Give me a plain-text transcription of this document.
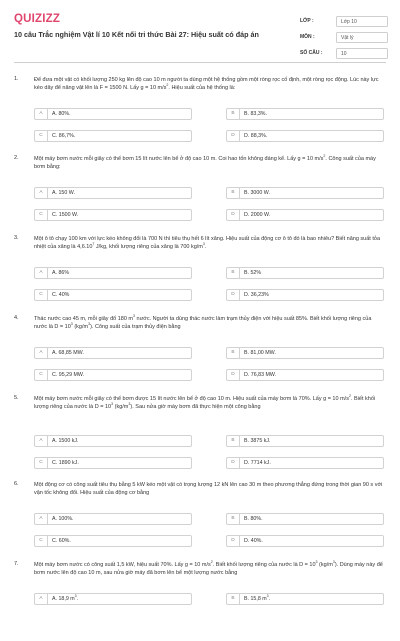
QUIZIZZ
10 câu Trắc nghiệm Vật lí 10 Kết nối tri thức Bài 27: Hiệu suất có đáp án
LỚP :	Lớp 10
MÔN :	Vật lý
SỐ CÂU :	10
1.	Để đưa một vật có khối lượng 250 kg lên độ cao 10 m người ta dùng một hệ thống gồm một ròng rọc cố định, một ròng rọc động. Lúc này lực kéo dây để nâng vật lên là F = 1500 N. Lấy g = 10 $m/s^2$. Hiệu suất của hệ thống là:
A	A. 80%.	B	B. 83,3%.
C	C. 86,7%.	D	D. 88,3%.
2.	Một máy bơm nước mỗi giây có thể bơm 15 lít nước lên bể ở độ cao 10 m. Coi hao tốn không đáng kể. Lấy g = 10 $m/s^2$. Công suất của máy bơm bằng:
A	A. 150 W.	B	B. 3000 W.
C	C. 1500 W.	D	D. 2000 W.
3.	Một ô tô chạy 100 km với lực kéo không đổi là 700 N thì tiêu thụ hết 6 lít xăng. Hiệu suất của động cơ ô tô đó là bao nhiêu? Biết năng suất tỏa nhiệt của xăng là 4,6.10$^7$ J/kg, khối lượng riêng của xăng là 700 $kg/m^3$.
A	A. 86%	B	B. 52%
C	C. 40%	D	D. 36,23%
4.	Thác nước cao 45 m, mỗi giây đổ 180 $m^3$ nước. Người ta dùng thác nước làm trạm thủy điện với hiệu suất 85%. Biết khối lượng riêng của nước là $D = 10^3$ $(kg/m^3)$. Công suất của trạm thủy điện bằng
A	A. 68,85 MW.	B	B. 81,00 MW.
C	C. 95,29 MW.	D	D. 76,83 MW.
5.	Một máy bơm nước mỗi giây có thể bơm được 15 lít nước lên bể ở độ cao 10 m. Hiệu suất của máy bơm là 70%. Lấy g = 10 $m/s^2$. Biết khối lượng riêng của nước là $D = 10^3$ $(kg/m^3)$. Sau nửa giờ máy bơm đã thực hiện một công bằng
A	A. 1500 kJ.	B	B. 3875 kJ.
C	C. 1890 kJ.	D	D. 7714 kJ.
6.	Một động cơ có công suất tiêu thụ bằng 5 kW kéo một vật có trọng lượng 12 kN lên cao 30 m theo phương thẳng đứng trong thời gian 90 s với vận tốc không đổi. Hiệu suất của động cơ bằng
A	A. 100%.	B	B. 80%.
C	C. 60%.	D	D. 40%.
7.	Một máy bơm nước có công suất 1,5 kW, hiệu suất 70%. Lấy g = 10 $m/s^2$. Biết khối lượng riêng của nước là $D = 10^3$ $(kg/m^3)$. Dùng máy này để bơm nước lên độ cao 10 m, sau nửa giờ máy đã bơm lên bể một lượng nước bằng
A	A. 18,9 $m^3$.	B	B. 15,8 $m^3$.
